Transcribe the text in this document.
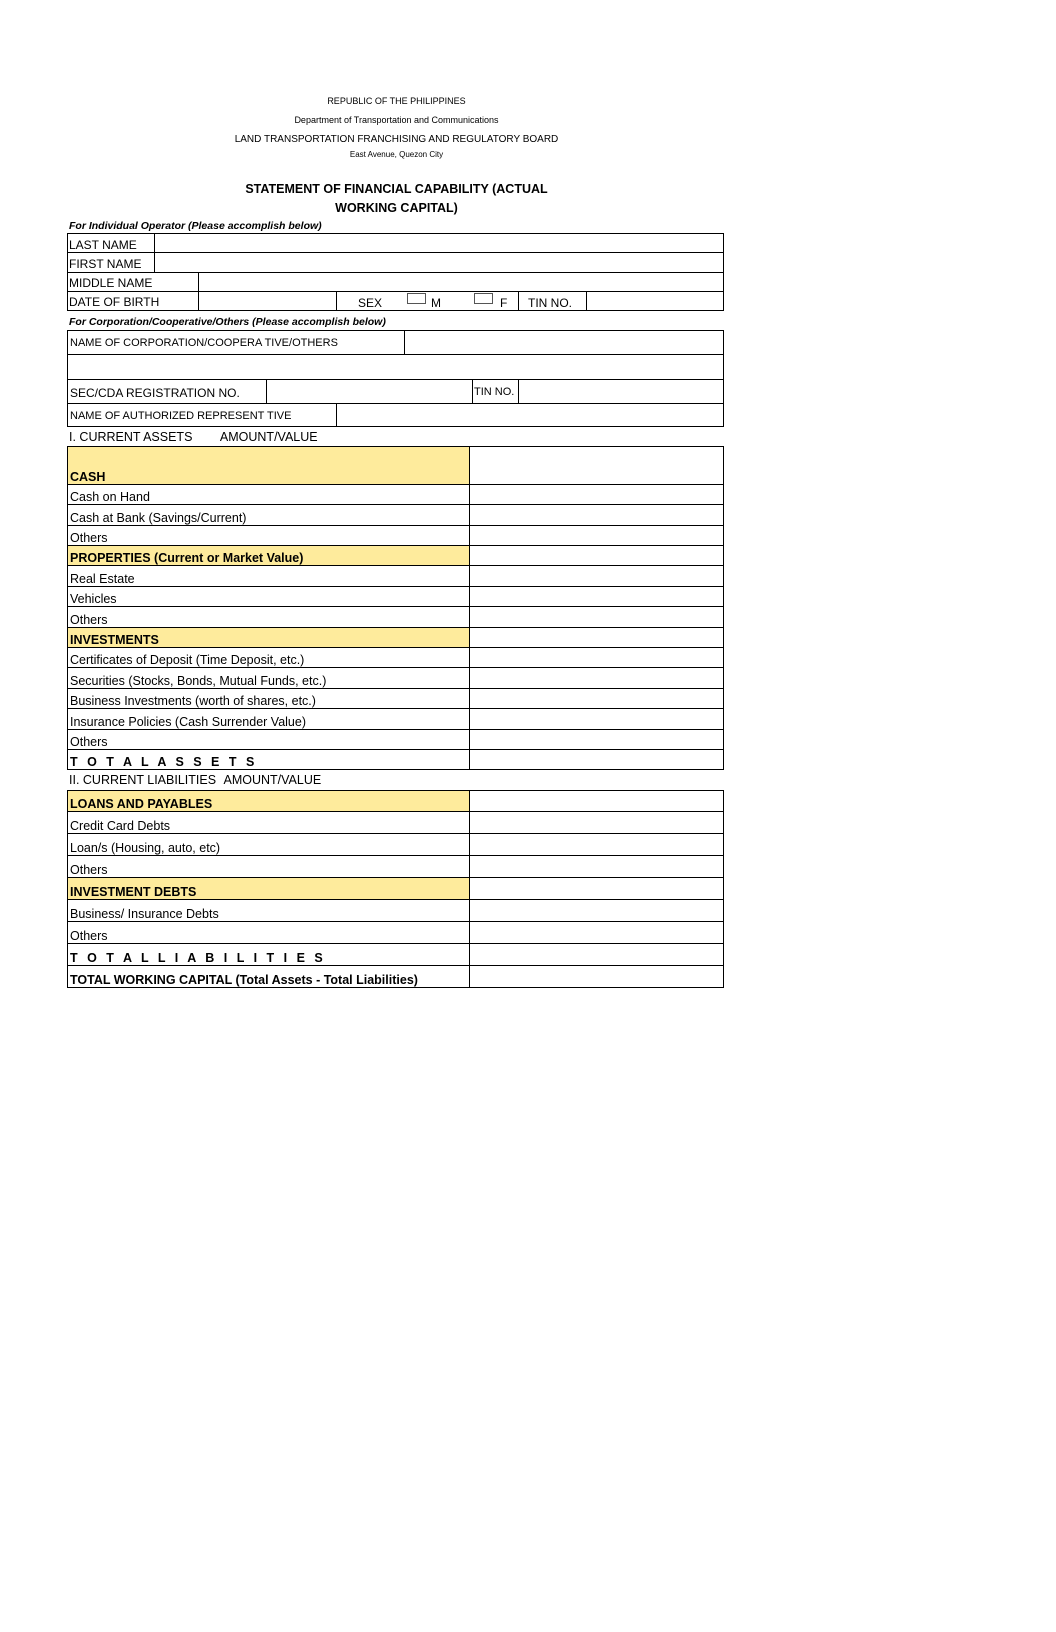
REPUBLIC OF THE PHILIPPINES
Department of Transportation and Communications
LAND TRANSPORTATION FRANCHISING AND REGULATORY BOARD
East Avenue, Quezon City
STATEMENT OF FINANCIAL CAPABILITY (ACTUAL
WORKING CAPITAL)
For Individual Operator (Please accomplish below)
LAST NAME
FIRST NAME
MIDDLE NAME
DATE OF BIRTH	SEX	M	F TIN NO.
For Corporation/Cooperative/Others (Please accomplish below)
NAME OF CORPORATION/COOPERA TIVE/OTHERS
SEC/CDA REGISTRATION NO.	TIN NO.
NAME OF AUTHORIZED REPRESENT TIVE
I. CURRENT ASSETS AMOUNT/VALUE
CASH	
Cash on Hand	
Cash at Bank (Savings/Current)	
Others	
PROPERTIES (Current or Market Value)	
Real Estate	
Vehicles	
Others	
INVESTMENTS	
Certificates of Deposit (Time Deposit, etc.)	
Securities (Stocks, Bonds, Mutual Funds, etc.)	
Business Investments (worth of shares, etc.)	
Insurance Policies (Cash Surrender Value)	
Others	
T O T A L A S S E T S	
II. CURRENT LIABILITIES AMOUNT/VALUE
LOANS AND PAYABLES	
Credit Card Debts	
Loan/s (Housing, auto, etc)	
Others	
INVESTMENT DEBTS	
Business/ Insurance Debts	
Others	
T O T A L L I A B I L I T I E S	
TOTAL WORKING CAPITAL (Total Assets - Total Liabilities)	
